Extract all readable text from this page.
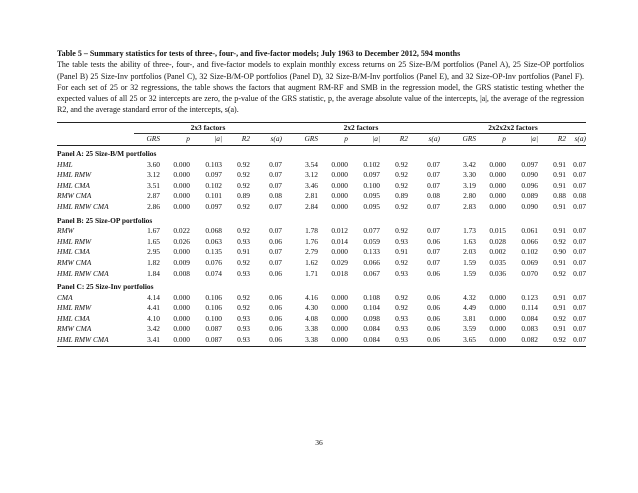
Table 5 – Summary statistics for tests of three-, four-, and five-factor models; July 1963 to December 2012, 594 months
The table tests the ability of three-, four-, and five-factor models to explain monthly excess returns on 25 Size-B/M portfolios (Panel A), 25 Size-OP portfolios (Panel B) 25 Size-Inv portfolios (Panel C), 32 Size-B/M-OP portfolios (Panel D), 32 Size-B/M-Inv portfolios (Panel E), and 32 Size-OP-Inv portfolios (Panel F). For each set of 25 or 32 regressions, the table shows the factors that augment RM-RF and SMB in the regression model, the GRS statistic testing whether the expected values of all 25 or 32 intercepts are zero, the p-value of the GRS statistic, p, the average absolute value of the intercepts, |a|, the average of the regression R2, and the average standard error of the intercepts, s(a).
	2x3 factors					2x2 factors					2x2x2x2 factors				
	GRS	p	|a|	R2	s(a)	GRS	p	|a|	R2	s(a)	GRS	p	|a|	R2	s(a)
Panel A: 25 Size-B/M portfolios															
HML	3.60	0.000	0.103	0.92	0.07	3.54	0.000	0.102	0.92	0.07	3.42	0.000	0.097	0.91	0.07
HML RMW	3.12	0.000	0.097	0.92	0.07	3.12	0.000	0.097	0.92	0.07	3.30	0.000	0.090	0.91	0.07
HML CMA	3.51	0.000	0.102	0.92	0.07	3.46	0.000	0.100	0.92	0.07	3.19	0.000	0.096	0.91	0.07
RMW CMA	2.87	0.000	0.101	0.89	0.08	2.81	0.000	0.095	0.89	0.08	2.80	0.000	0.089	0.88	0.08
HML RMW CMA	2.86	0.000	0.097	0.92	0.07	2.84	0.000	0.095	0.92	0.07	2.83	0.000	0.090	0.91	0.07
Panel B: 25 Size-OP portfolios															
RMW	1.67	0.022	0.068	0.92	0.07	1.78	0.012	0.077	0.92	0.07	1.73	0.015	0.061	0.91	0.07
HML RMW	1.65	0.026	0.063	0.93	0.06	1.76	0.014	0.059	0.93	0.06	1.63	0.028	0.066	0.92	0.07
HML CMA	2.95	0.000	0.135	0.91	0.07	2.79	0.000	0.133	0.91	0.07	2.03	0.002	0.102	0.90	0.07
RMW CMA	1.82	0.009	0.076	0.92	0.07	1.62	0.029	0.066	0.92	0.07	1.59	0.035	0.069	0.91	0.07
HML RMW CMA	1.84	0.008	0.074	0.93	0.06	1.71	0.018	0.067	0.93	0.06	1.59	0.036	0.070	0.92	0.07
Panel C: 25 Size-Inv portfolios															
CMA	4.14	0.000	0.106	0.92	0.06	4.16	0.000	0.108	0.92	0.06	4.32	0.000	0.123	0.91	0.07
HML RMW	4.41	0.000	0.106	0.92	0.06	4.30	0.000	0.104	0.92	0.06	4.49	0.000	0.114	0.91	0.07
HML CMA	4.10	0.000	0.100	0.93	0.06	4.08	0.000	0.098	0.93	0.06	3.81	0.000	0.084	0.92	0.07
RMW CMA	3.42	0.000	0.087	0.93	0.06	3.38	0.000	0.084	0.93	0.06	3.59	0.000	0.083	0.91	0.07
HML RMW CMA	3.41	0.000	0.087	0.93	0.06	3.38	0.000	0.084	0.93	0.06	3.65	0.000	0.082	0.92	0.07
36
